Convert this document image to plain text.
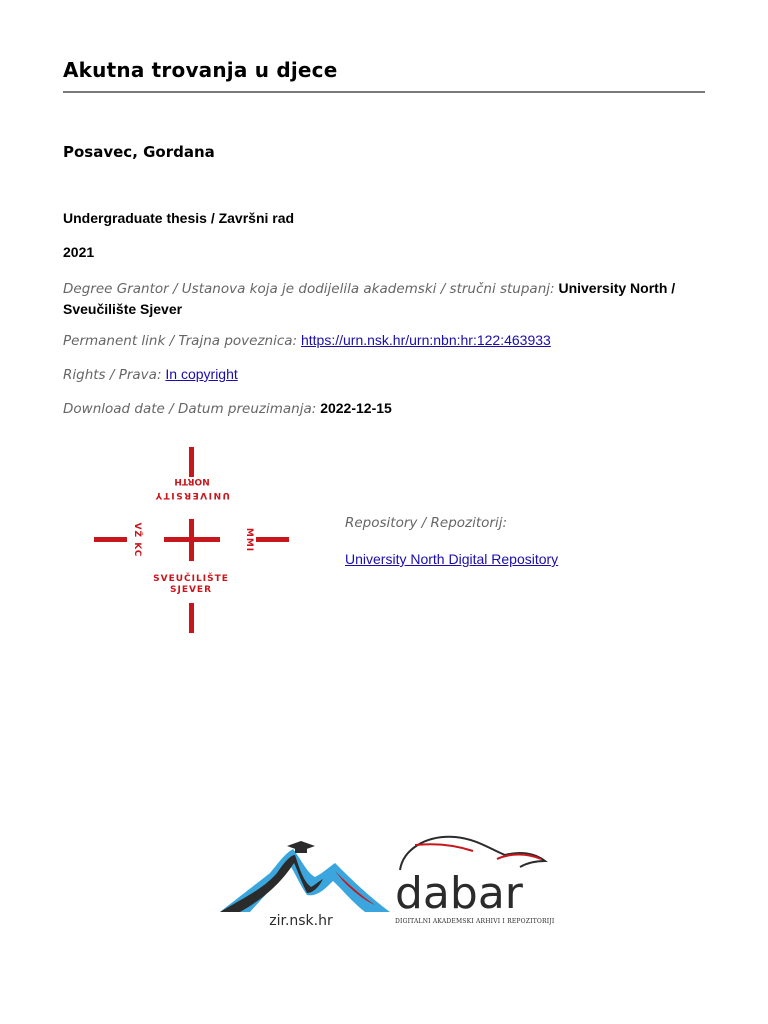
Akutna trovanja u djece
Posavec, Gordana
Undergraduate thesis / Završni rad
2021
Degree Grantor / Ustanova koja je dodijelila akademski / stručni stupanj: University North / Sveučilište Sjever
Permanent link / Trajna poveznica: https://urn.nsk.hr/urn:nbn:hr:122:463933
Rights / Prava: In copyright
Download date / Datum preuzimanja: 2022-12-15
NORTH
UNIVERSITY
VŽ KC	MMI
SVEUČILIŠTE
SJEVER
Repository / Repozitorij:
University North Digital Repository
zir.nsk.hr
dabar
DIGITALNI AKADEMSKI ARHIVI I REPOZITORIJI
